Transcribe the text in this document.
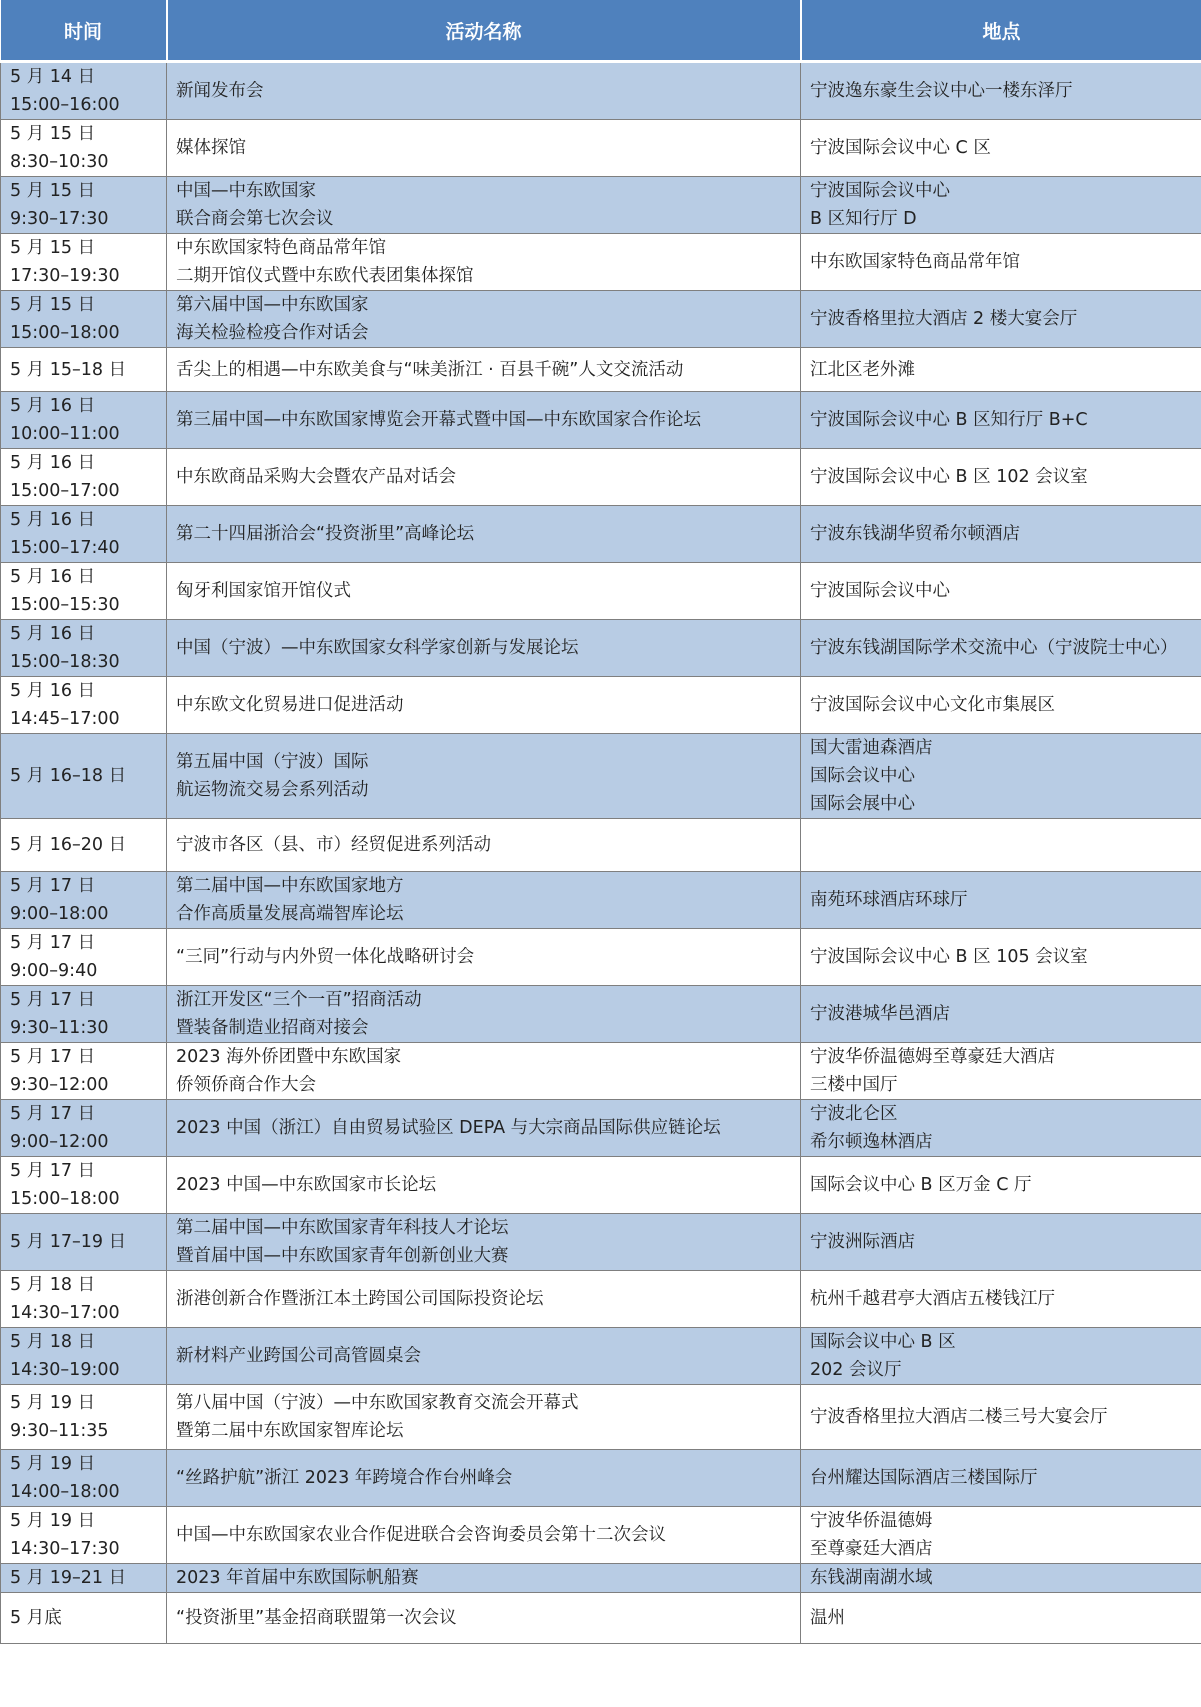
时间	活动名称	地点
5 月 14 日
15:00–16:00	新闻发布会	宁波逸东豪生会议中心一楼东泽厅
5 月 15 日
8:30–10:30	媒体探馆	宁波国际会议中心 C 区
5 月 15 日
9:30–17:30	中国—中东欧国家
联合商会第七次会议	宁波国际会议中心
B 区知行厅 D
5 月 15 日
17:30–19:30	中东欧国家特色商品常年馆
二期开馆仪式暨中东欧代表团集体探馆	中东欧国家特色商品常年馆
5 月 15 日
15:00–18:00	第六届中国—中东欧国家
海关检验检疫合作对话会	宁波香格里拉大酒店 2 楼大宴会厅
5 月 15–18 日	舌尖上的相遇—中东欧美食与“味美浙江 · 百县千碗”人文交流活动	江北区老外滩
5 月 16 日
10:00–11:00	第三届中国—中东欧国家博览会开幕式暨中国—中东欧国家合作论坛	宁波国际会议中心 B 区知行厅 B+C
5 月 16 日
15:00–17:00	中东欧商品采购大会暨农产品对话会	宁波国际会议中心 B 区 102 会议室
5 月 16 日
15:00–17:40	第二十四届浙洽会“投资浙里”高峰论坛	宁波东钱湖华贸希尔顿酒店
5 月 16 日
15:00–15:30	匈牙利国家馆开馆仪式	宁波国际会议中心
5 月 16 日
15:00–18:30	中国（宁波）—中东欧国家女科学家创新与发展论坛	宁波东钱湖国际学术交流中心（宁波院士中心）
5 月 16 日
14:45–17:00	中东欧文化贸易进口促进活动	宁波国际会议中心文化市集展区
5 月 16–18 日	第五届中国（宁波）国际
航运物流交易会系列活动	国大雷迪森酒店
国际会议中心
国际会展中心
5 月 16–20 日	宁波市各区（县、市）经贸促进系列活动	
5 月 17 日
9:00–18:00	第二届中国—中东欧国家地方
合作高质量发展高端智库论坛	南苑环球酒店环球厅
5 月 17 日
9:00–9:40	“三同”行动与内外贸一体化战略研讨会	宁波国际会议中心 B 区 105 会议室
5 月 17 日
9:30–11:30	浙江开发区“三个一百”招商活动
暨装备制造业招商对接会	宁波港城华邑酒店
5 月 17 日
9:30–12:00	2023 海外侨团暨中东欧国家
侨领侨商合作大会	宁波华侨温德姆至尊豪廷大酒店
三楼中国厅
5 月 17 日
9:00–12:00	2023 中国（浙江）自由贸易试验区 DEPA 与大宗商品国际供应链论坛	宁波北仑区
希尔顿逸林酒店
5 月 17 日
15:00–18:00	2023 中国—中东欧国家市长论坛	国际会议中心 B 区万金 C 厅
5 月 17–19 日	第二届中国—中东欧国家青年科技人才论坛
暨首届中国—中东欧国家青年创新创业大赛	宁波洲际酒店
5 月 18 日
14:30–17:00	浙港创新合作暨浙江本土跨国公司国际投资论坛	杭州千越君亭大酒店五楼钱江厅
5 月 18 日
14:30–19:00	新材料产业跨国公司高管圆桌会	国际会议中心 B 区
202 会议厅
5 月 19 日
9:30–11:35	第八届中国（宁波）—中东欧国家教育交流会开幕式
暨第二届中东欧国家智库论坛	宁波香格里拉大酒店二楼三号大宴会厅
5 月 19 日
14:00–18:00	“丝路护航”浙江 2023 年跨境合作台州峰会	台州耀达国际酒店三楼国际厅
5 月 19 日
14:30–17:30	中国—中东欧国家农业合作促进联合会咨询委员会第十二次会议	宁波华侨温德姆
至尊豪廷大酒店
5 月 19–21 日	2023 年首届中东欧国际帆船赛	东钱湖南湖水域
5 月底	“投资浙里”基金招商联盟第一次会议	温州
